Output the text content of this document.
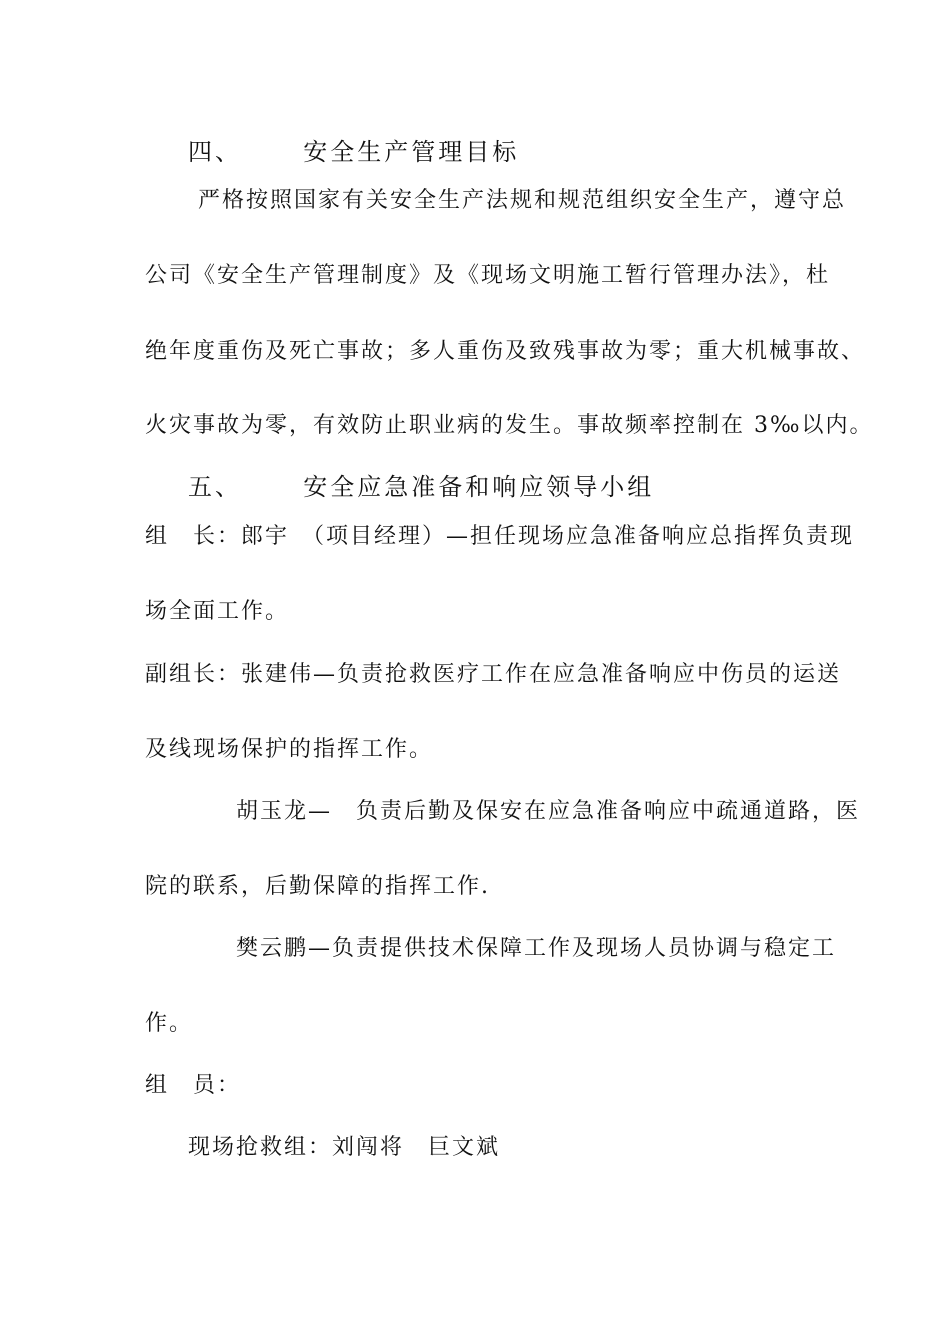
四、	安全生产管理目标

严格按照国家有关安全生产法规和规范组织安全生产，遵守总

公司《安全生产管理制度》及《现场文明施工暂行管理办法》，杜

绝年度重伤及死亡事故；多人重伤及致残事故为零；重大机械事故、

火灾事故为零，有效防止职业病的发生。事故频率控制在 3‰以内。

五、	安全应急准备和响应领导小组

组　长：郎宇　（项目经理）—担任现场应急准备响应总指挥负责现

场全面工作。

副组长：张建伟—负责抢救医疗工作在应急准备响应中伤员的运送

及线现场保护的指挥工作。

胡玉龙—　负责后勤及保安在应急准备响应中疏通道路，医

院的联系，后勤保障的指挥工作.

樊云鹏—负责提供技术保障工作及现场人员协调与稳定工

作。

组　员：

现场抢救组：刘闯将　巨文斌
